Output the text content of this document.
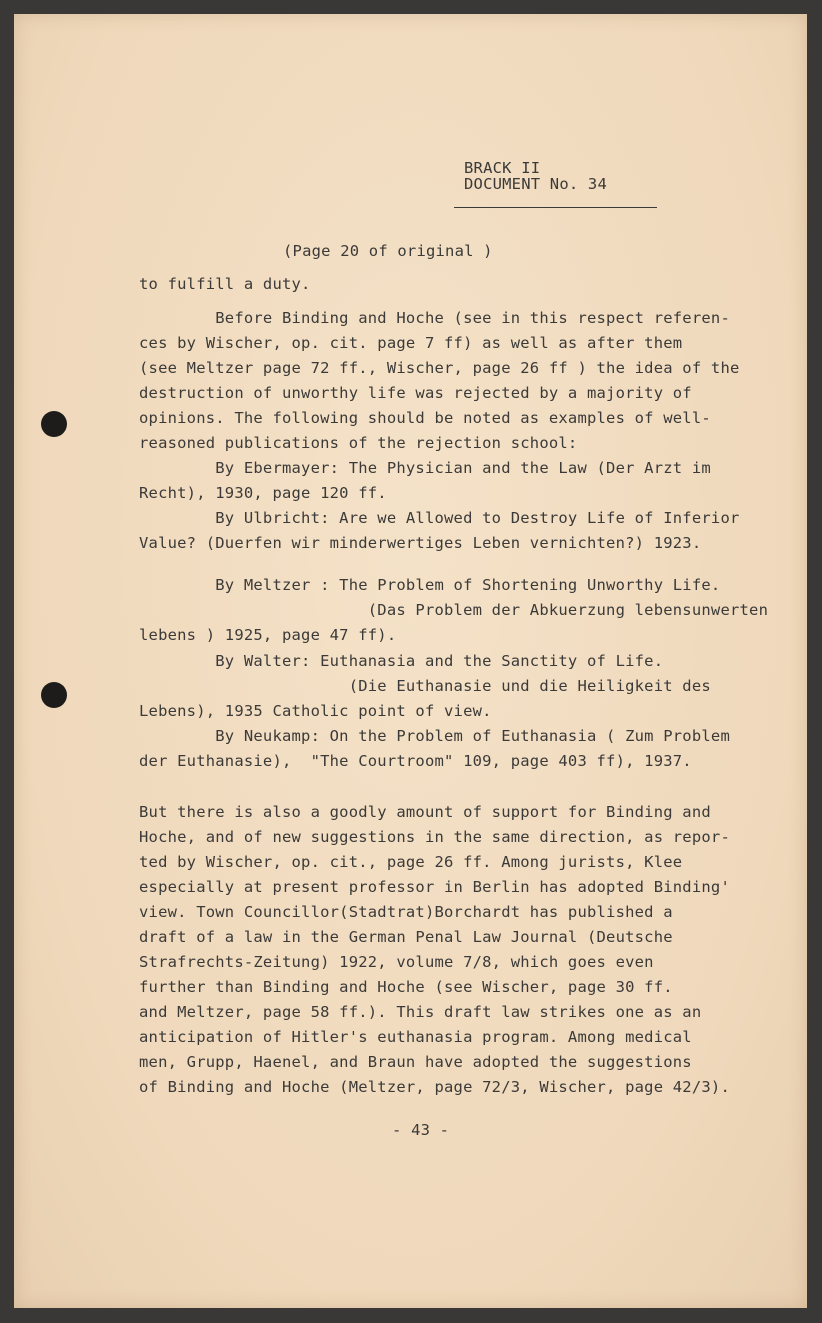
BRACK II
DOCUMENT No. 34
(Page 20 of original )
to fulfill a duty.
Before Binding and Hoche (see in this respect referen-
ces by Wischer, op. cit. page 7 ff) as well as after them
(see Meltzer page 72 ff., Wischer, page 26 ff ) the idea of the
destruction of unworthy life was rejected by a majority of
opinions. The following should be noted as examples of well-
reasoned publications of the rejection school:
By Ebermayer: The Physician and the Law (Der Arzt im
Recht), 1930, page 120 ff.
By Ulbricht: Are we Allowed to Destroy Life of Inferior
Value? (Duerfen wir minderwertiges Leben vernichten?) 1923.
By Meltzer : The Problem of Shortening Unworthy Life.
(Das Problem der Abkuerzung lebensunwerten
lebens ) 1925, page 47 ff).
By Walter: Euthanasia and the Sanctity of Life.
(Die Euthanasie und die Heiligkeit des
Lebens), 1935 Catholic point of view.
By Neukamp: On the Problem of Euthanasia ( Zum Problem
der Euthanasie),  "The Courtroom" 109, page 403 ff), 1937.
But there is also a goodly amount of support for Binding and
Hoche, and of new suggestions in the same direction, as repor-
ted by Wischer, op. cit., page 26 ff. Among jurists, Klee
especially at present professor in Berlin has adopted Binding'
view. Town Councillor(Stadtrat)Borchardt has published a
draft of a law in the German Penal Law Journal (Deutsche
Strafrechts-Zeitung) 1922, volume 7/8, which goes even
further than Binding and Hoche (see Wischer, page 30 ff.
and Meltzer, page 58 ff.). This draft law strikes one as an
anticipation of Hitler's euthanasia program. Among medical
men, Grupp, Haenel, and Braun have adopted the suggestions
of Binding and Hoche (Meltzer, page 72/3, Wischer, page 42/3).
- 43 -
